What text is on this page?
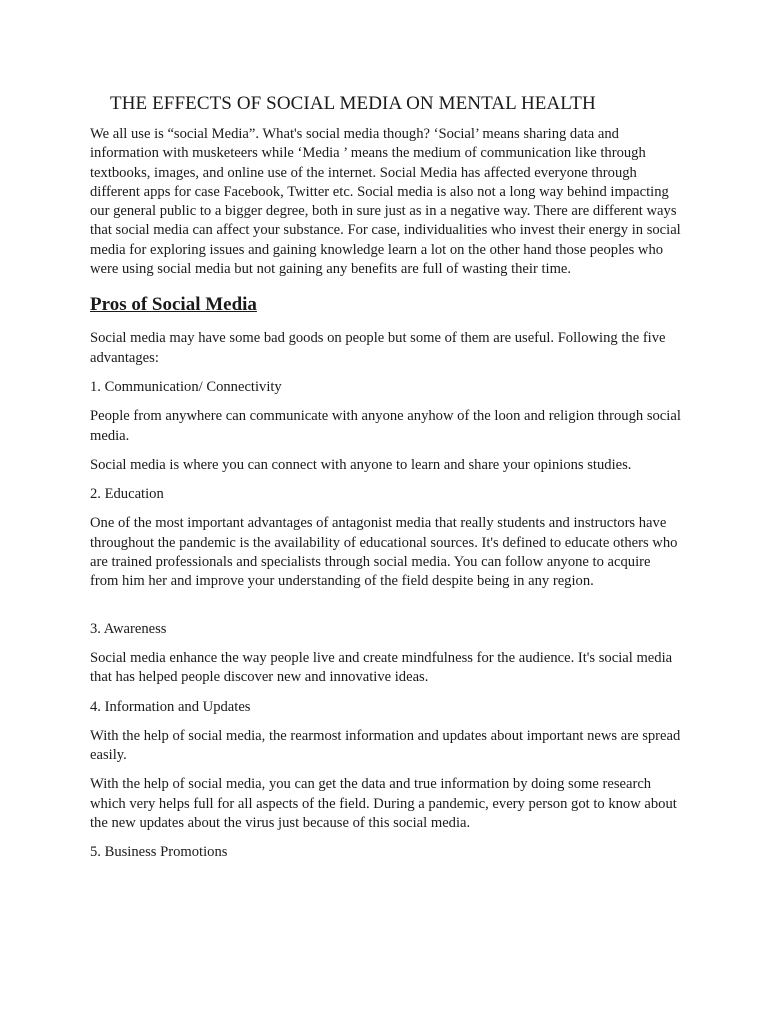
THE EFFECTS OF SOCIAL MEDIA ON MENTAL HEALTH

We all use is “social Media”. What's social media though? ‘Social’ means sharing data and information with musketeers while ‘Media ’ means the medium of communication like through textbooks, images, and online use of the internet. Social Media has affected everyone through different apps for case Facebook, Twitter etc. Social media is also not a long way behind impacting our general public to a bigger degree, both in sure just as in a negative way. There are different ways that social media can affect your substance. For case, individualities who invest their energy in social media for exploring issues and gaining knowledge learn a lot on the other hand those peoples who were using social media but not gaining any benefits are full of wasting their time.

Pros of Social Media

Social media may have some bad goods on people but some of them are useful. Following the five advantages:

1. Communication/ Connectivity

People from anywhere can communicate with anyone anyhow of the loon and religion through social media.

Social media is where you can connect with anyone to learn and share your opinions studies.

2. Education

One of the most important advantages of antagonist media that really students and instructors have throughout the pandemic is the availability of educational sources. It's defined to educate others who are trained professionals and specialists through social media. You can follow anyone to acquire from him her and improve your understanding of the field despite being in any region.

3. Awareness

Social media enhance the way people live and create mindfulness for the audience. It's social media that has helped people discover new and innovative ideas.

4. Information and Updates

With the help of social media, the rearmost information and updates about important news are spread easily.

With the help of social media, you can get the data and true information by doing some research which very helps full for all aspects of the field. During a pandemic, every person got to know about the new updates about the virus just because of this social media.

5. Business Promotions
